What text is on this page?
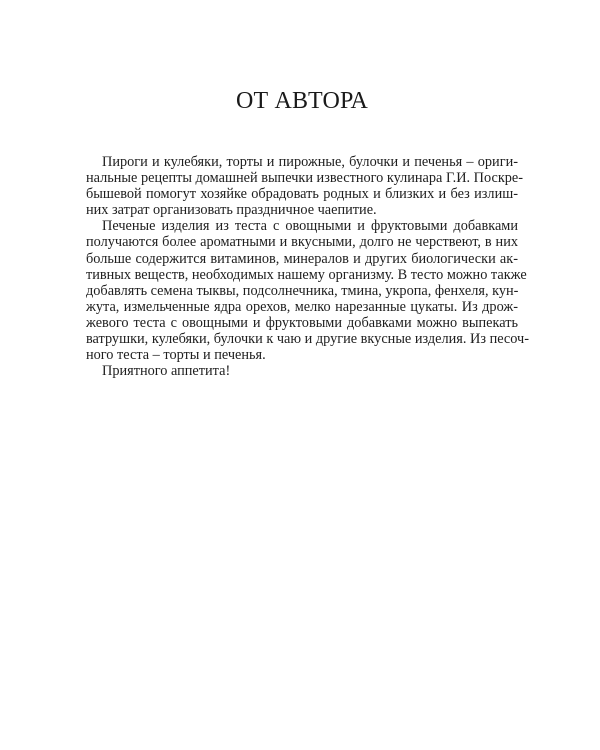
ОТ АВТОРА
Пироги и кулебяки, торты и пирожные, булочки и печенья – ориги-
нальные рецепты домашней выпечки известного кулинара Г.И. Поскре-
бышевой помогут хозяйке обрадовать родных и близких и без излиш-
них затрат организовать праздничное чаепитие.
Печеные изделия из теста с овощными и фруктовыми добавками
получаются более ароматными и вкусными, долго не черствеют, в них
больше содержится витаминов, минералов и других биологически ак-
тивных веществ, необходимых нашему организму. В тесто можно также
добавлять семена тыквы, подсолнечника, тмина, укропа, фенхеля, кун-
жута, измельченные ядра орехов, мелко нарезанные цукаты. Из дрож-
жевого теста с овощными и фруктовыми добавками можно выпекать
ватрушки, кулебяки, булочки к чаю и другие вкусные изделия. Из песоч-
ного теста – торты и печенья.
Приятного аппетита!
